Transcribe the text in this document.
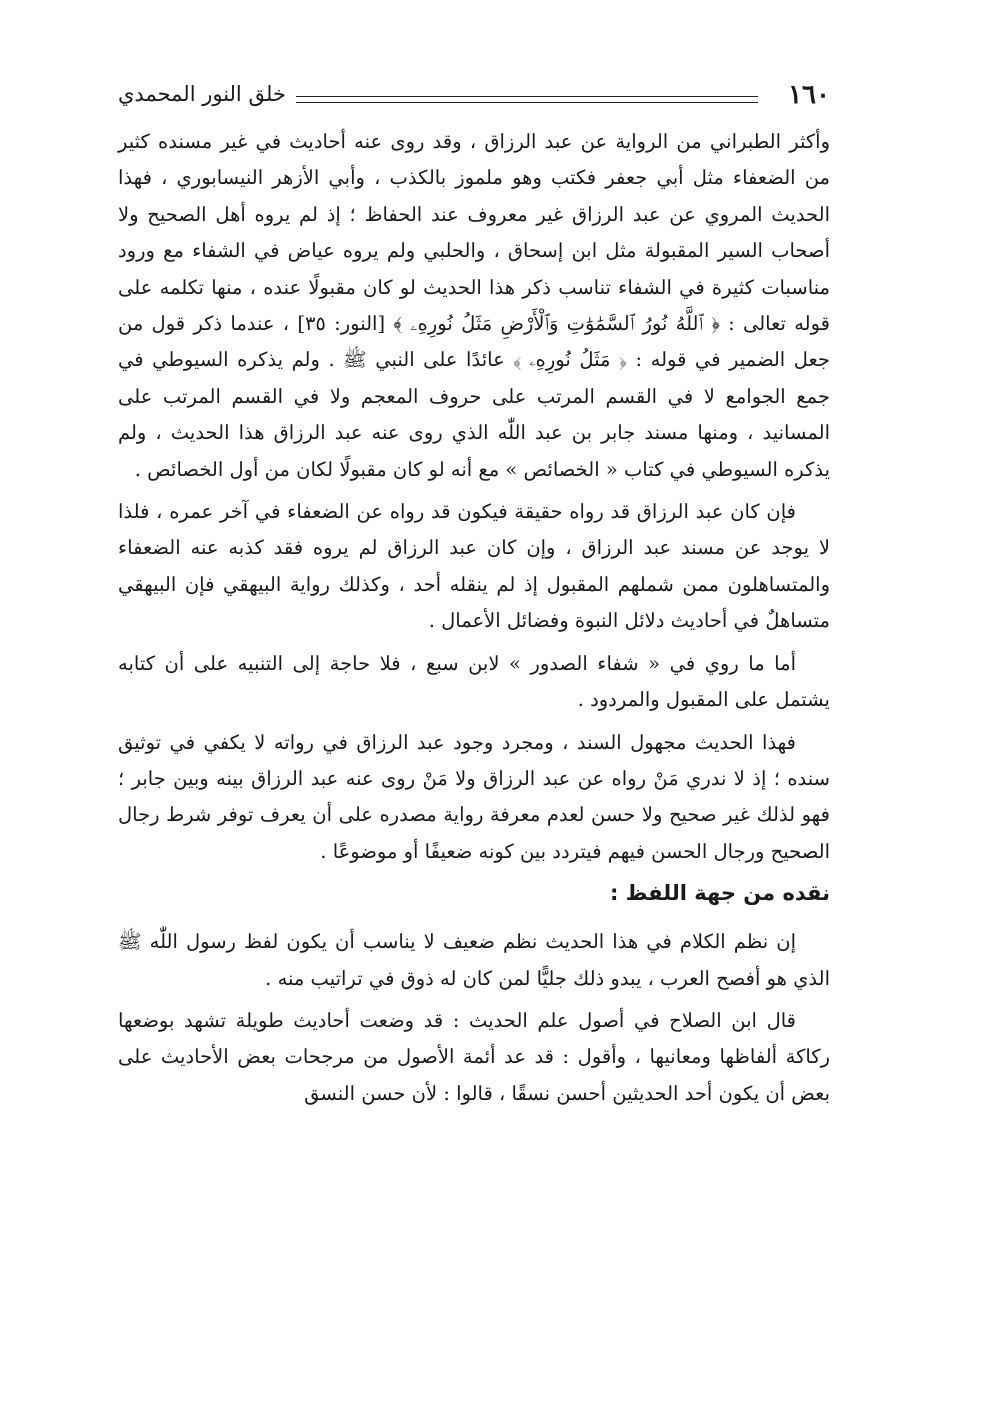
١٦٠
خلق النور المحمدي

وأكثر الطبراني من الرواية عن عبد الرزاق ، وقد روى عنه أحاديث في غير مسنده كثير من الضعفاء مثل أبي جعفر فكتب وهو ملموز بالكذب ، وأبي الأزهر النيسابوري ، فهذا الحديث المروي عن عبد الرزاق غير معروف عند الحفاظ ؛ إذ لم يروه أهل الصحيح ولا أصحاب السير المقبولة مثل ابن إسحاق ، والحلبي ولم يروه عياض في الشفاء مع ورود مناسبات كثيرة في الشفاء تناسب ذكر هذا الحديث لو كان مقبولًا عنده ، منها تكلمه على قوله تعالى : ﴿ ٱللَّهُ نُورُ ٱلسَّمَٰوَٰتِ وَٱلْأَرْضِ مَثَلُ نُورِهِۦ ﴾ [النور: ٣٥] ، عندما ذكر قول من جعل الضمير في قوله : ﴿ مَثَلُ نُورِهِۦ ﴾ عائدًا على النبي ﷺ . ولم يذكره السيوطي في جمع الجوامع لا في القسم المرتب على حروف المعجم ولا في القسم المرتب على المسانيد ، ومنها مسند جابر بن عبد اللّٰه الذي روى عنه عبد الرزاق هذا الحديث ، ولم يذكره السيوطي في كتاب « الخصائص » مع أنه لو كان مقبولًا لكان من أول الخصائص .

فإن كان عبد الرزاق قد رواه حقيقة فيكون قد رواه عن الضعفاء في آخر عمره ، فلذا لا يوجد عن مسند عبد الرزاق ، وإن كان عبد الرزاق لم يروه فقد كذبه عنه الضعفاء والمتساهلون ممن شملهم المقبول إذ لم ينقله أحد ، وكذلك رواية البيهقي فإن البيهقي متساهلٌ في أحاديث دلائل النبوة وفضائل الأعمال .

أما ما روي في « شفاء الصدور » لابن سبع ، فلا حاجة إلى التنبيه على أن كتابه يشتمل على المقبول والمردود .

فهذا الحديث مجهول السند ، ومجرد وجود عبد الرزاق في رواته لا يكفي في توثيق سنده ؛ إذ لا ندري مَنْ رواه عن عبد الرزاق ولا مَنْ روى عنه عبد الرزاق بينه وبين جابر ؛ فهو لذلك غير صحيح ولا حسن لعدم معرفة رواية مصدره على أن يعرف توفر شرط رجال الصحيح ورجال الحسن فيهم فيتردد بين كونه ضعيفًا أو موضوعًا .

نقده من جهة اللفظ :

إن نظم الكلام في هذا الحديث نظم ضعيف لا يناسب أن يكون لفظ رسول اللّٰه ﷺ الذي هو أفصح العرب ، يبدو ذلك جليًّا لمن كان له ذوق في تراتيب منه .

قال ابن الصلاح في أصول علم الحديث : قد وضعت أحاديث طويلة تشهد بوضعها ركاكة ألفاظها ومعانيها ، وأقول : قد عد أئمة الأصول من مرجحات بعض الأحاديث على بعض أن يكون أحد الحديثين أحسن نسقًا ، قالوا : لأن حسن النسق
